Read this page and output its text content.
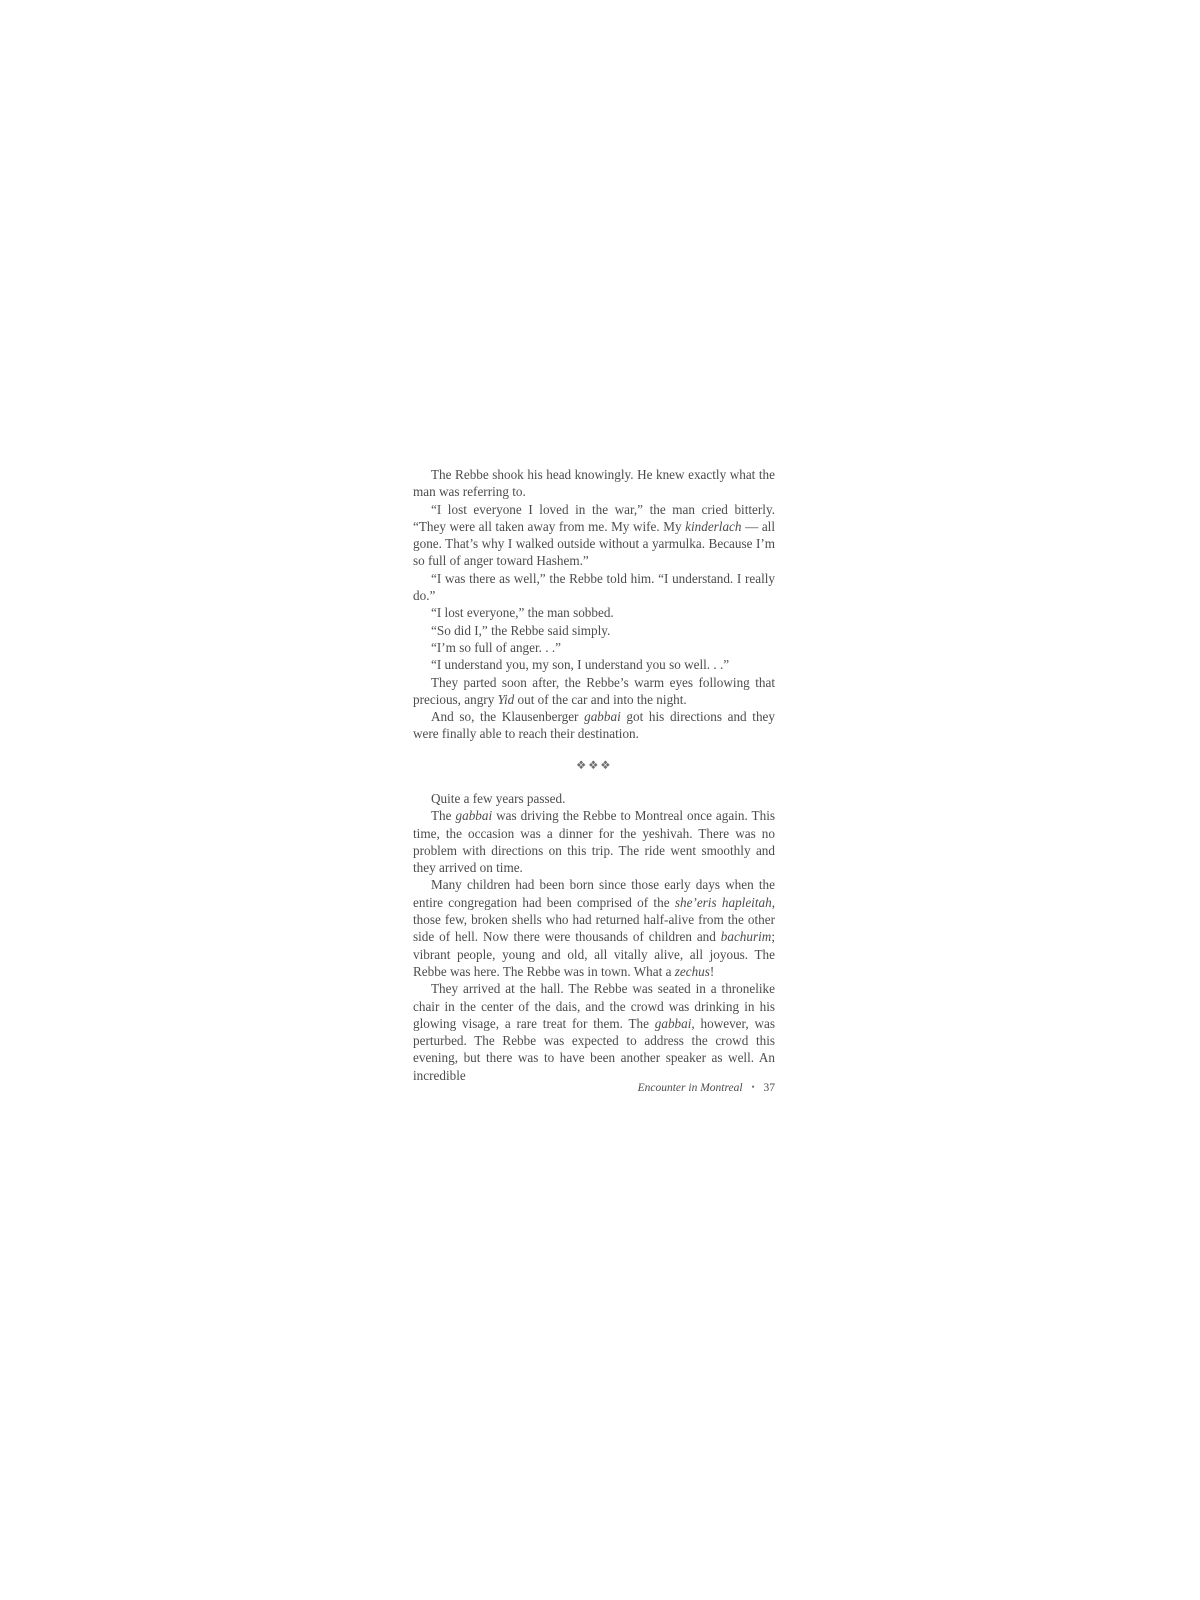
The Rebbe shook his head knowingly. He knew exactly what the man was referring to.

“I lost everyone I loved in the war,” the man cried bitterly. “They were all taken away from me. My wife. My kinderlach — all gone. That’s why I walked outside without a yarmulka. Because I’m so full of anger toward Hashem.”

“I was there as well,” the Rebbe told him. “I understand. I really do.”

“I lost everyone,” the man sobbed.

“So did I,” the Rebbe said simply.

“I’m so full of anger. . .”

“I understand you, my son, I understand you so well. . .”

They parted soon after, the Rebbe’s warm eyes following that precious, angry Yid out of the car and into the night.

And so, the Klausenberger gabbai got his directions and they were finally able to reach their destination.

❖❖❖

Quite a few years passed.

The gabbai was driving the Rebbe to Montreal once again. This time, the occasion was a dinner for the yeshivah. There was no problem with directions on this trip. The ride went smoothly and they arrived on time.

Many children had been born since those early days when the entire congregation had been comprised of the she’eris hapleitah, those few, broken shells who had returned half-alive from the other side of hell. Now there were thousands of children and bachurim; vibrant people, young and old, all vitally alive, all joyous. The Rebbe was here. The Rebbe was in town. What a zechus!

They arrived at the hall. The Rebbe was seated in a thronelike chair in the center of the dais, and the crowd was drinking in his glowing visage, a rare treat for them. The gabbai, however, was perturbed. The Rebbe was expected to address the crowd this evening, but there was to have been another speaker as well. An incredible

Encounter in Montreal • 37
